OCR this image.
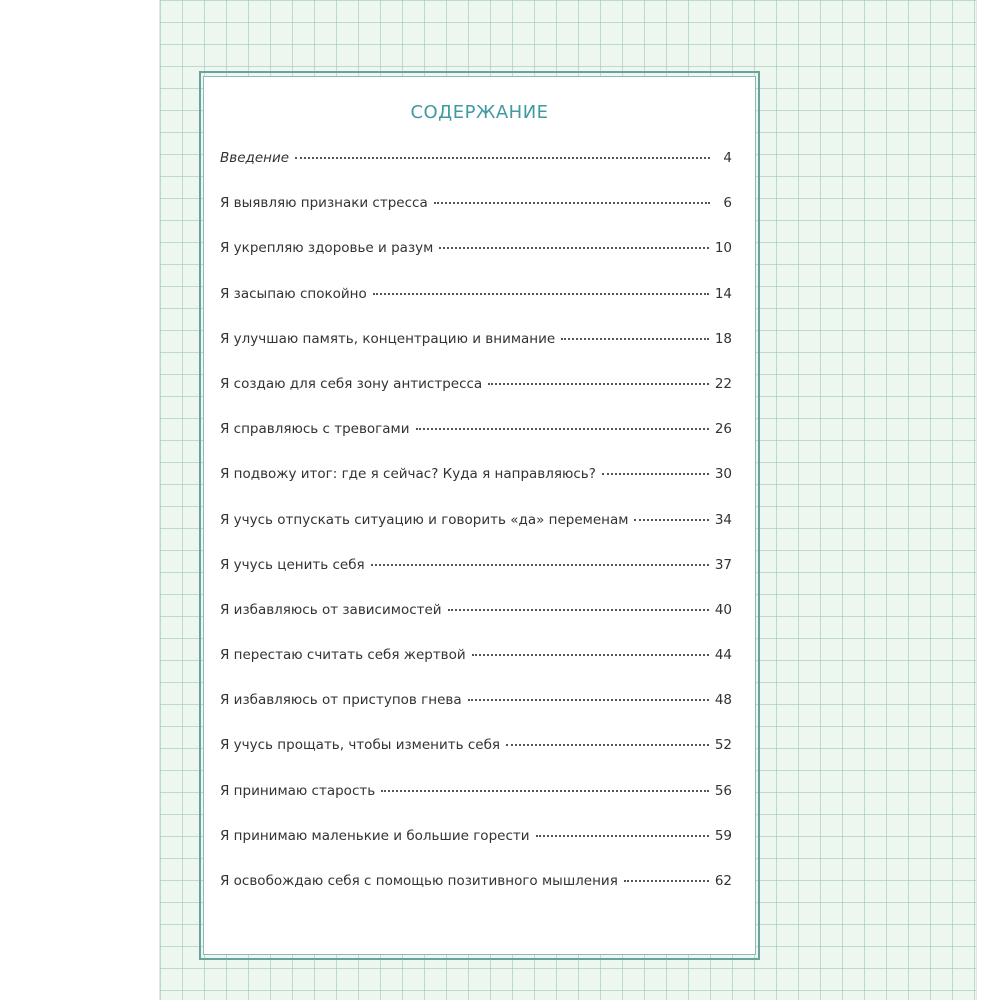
СОДЕРЖАНИЕ
Введение	4
Я выявляю признаки стресса	6
Я укрепляю здоровье и разум	10
Я засыпаю спокойно	14
Я улучшаю память, концентрацию и внимание	18
Я создаю для себя зону антистресса	22
Я справляюсь с тревогами	26
Я подвожу итог: где я сейчас? Куда я направляюсь?	30
Я учусь отпускать ситуацию и говорить «да» переменам	34
Я учусь ценить себя	37
Я избавляюсь от зависимостей	40
Я перестаю считать себя жертвой	44
Я избавляюсь от приступов гнева	48
Я учусь прощать, чтобы изменить себя	52
Я принимаю старость	56
Я принимаю маленькие и большие горести	59
Я освобождаю себя с помощью позитивного мышления	62
